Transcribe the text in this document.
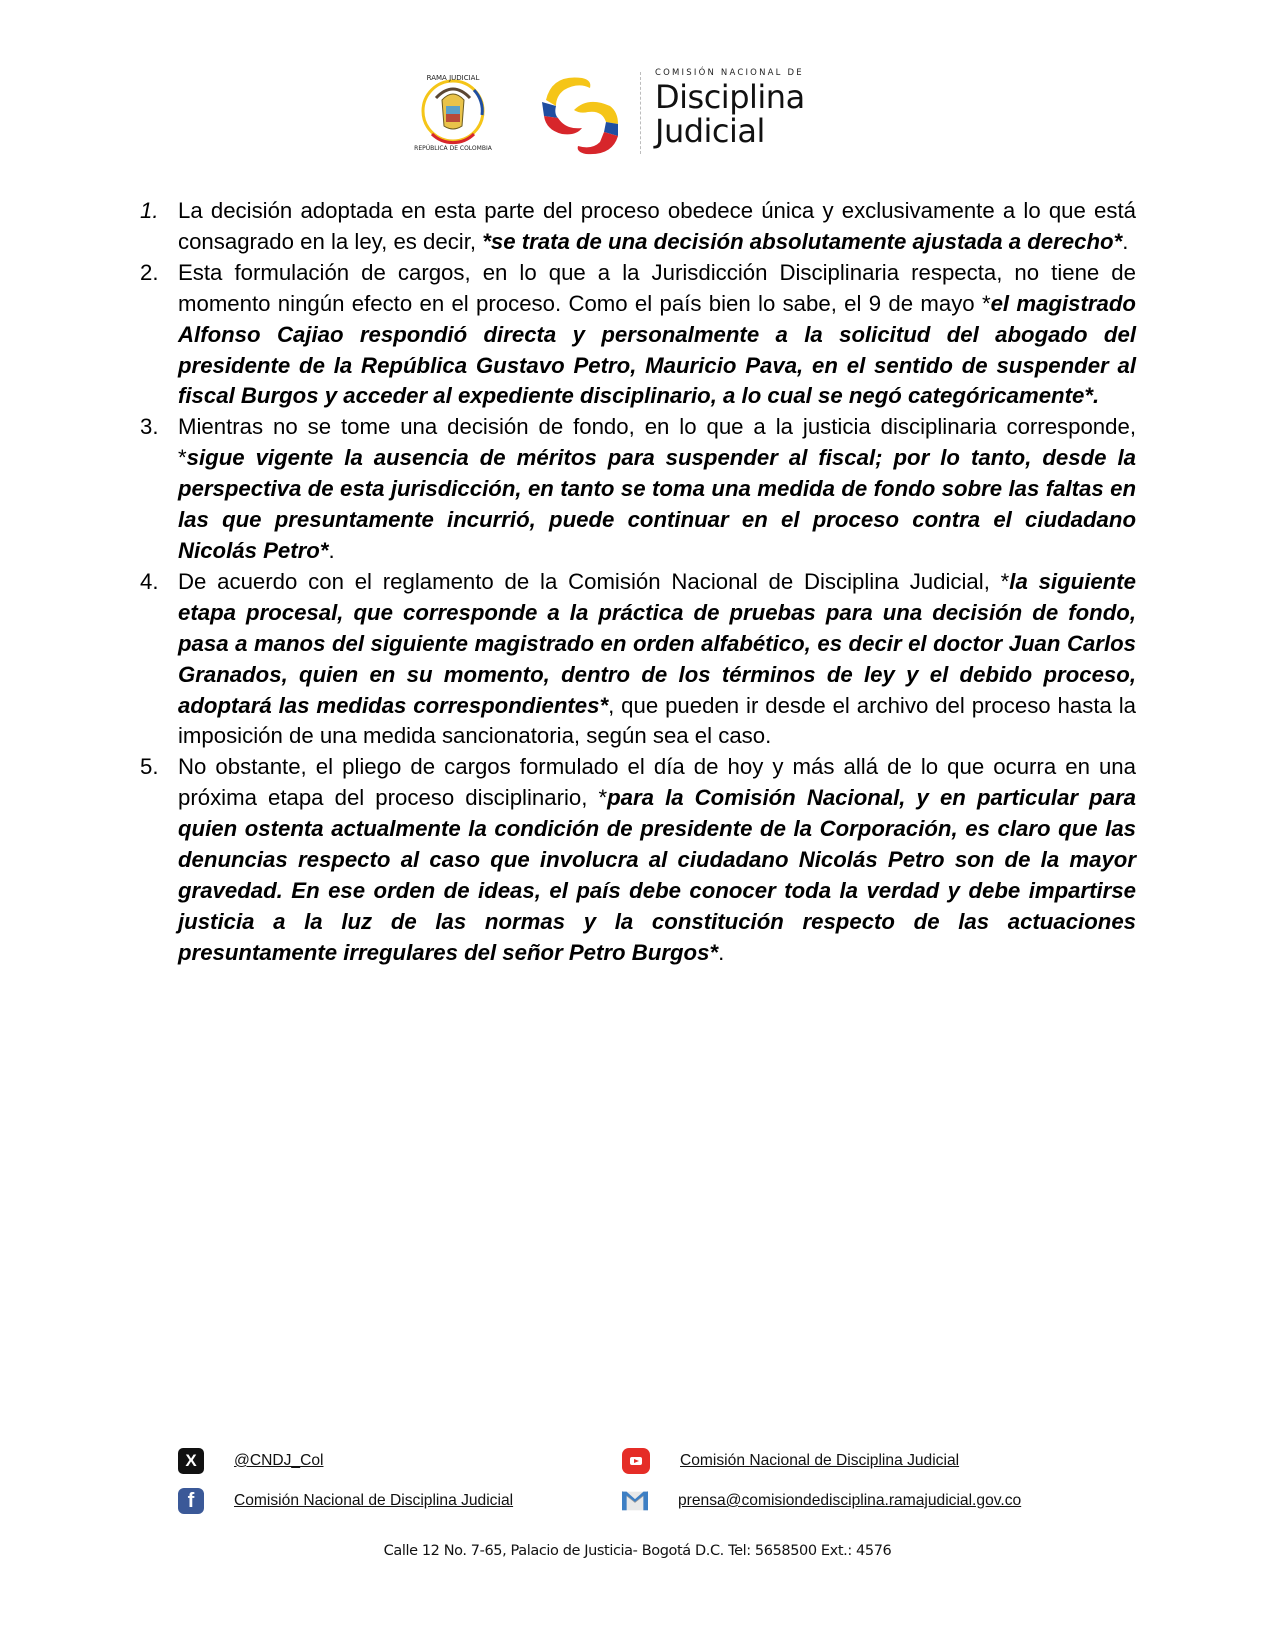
RAMA JUDICIAL
REPÚBLICA DE COLOMBIA
COMISIÓN NACIONAL DE
Disciplina
Judicial
1. La decisión adoptada en esta parte del proceso obedece única y exclusivamente a lo que está consagrado en la ley, es decir, *se trata de una decisión absolutamente ajustada a derecho*.
2. Esta formulación de cargos, en lo que a la Jurisdicción Disciplinaria respecta, no tiene de momento ningún efecto en el proceso. Como el país bien lo sabe, el 9 de mayo *el magistrado Alfonso Cajiao respondió directa y personalmente a la solicitud del abogado del presidente de la República Gustavo Petro, Mauricio Pava, en el sentido de suspender al fiscal Burgos y acceder al expediente disciplinario, a lo cual se negó categóricamente*.
3. Mientras no se tome una decisión de fondo, en lo que a la justicia disciplinaria corresponde, *sigue vigente la ausencia de méritos para suspender al fiscal; por lo tanto, desde la perspectiva de esta jurisdicción, en tanto se toma una medida de fondo sobre las faltas en las que presuntamente incurrió, puede continuar en el proceso contra el ciudadano Nicolás Petro*.
4. De acuerdo con el reglamento de la Comisión Nacional de Disciplina Judicial, *la siguiente etapa procesal, que corresponde a la práctica de pruebas para una decisión de fondo, pasa a manos del siguiente magistrado en orden alfabético, es decir el doctor Juan Carlos Granados, quien en su momento, dentro de los términos de ley y el debido proceso, adoptará las medidas correspondientes*, que pueden ir desde el archivo del proceso hasta la imposición de una medida sancionatoria, según sea el caso.
5. No obstante, el pliego de cargos formulado el día de hoy y más allá de lo que ocurra en una próxima etapa del proceso disciplinario, *para la Comisión Nacional, y en particular para quien ostenta actualmente la condición de presidente de la Corporación, es claro que las denuncias respecto al caso que involucra al ciudadano Nicolás Petro son de la mayor gravedad. En ese orden de ideas, el país debe conocer toda la verdad y debe impartirse justicia a la luz de las normas y la constitución respecto de las actuaciones presuntamente irregulares del señor Petro Burgos*.
X	@CNDJ_Col
f	Comisión Nacional de Disciplina Judicial
Comisión Nacional de Disciplina Judicial
prensa@comisiondedisciplina.ramajudicial.gov.co
Calle 12 No. 7-65, Palacio de Justicia- Bogotá D.C. Tel: 5658500 Ext.: 4576
